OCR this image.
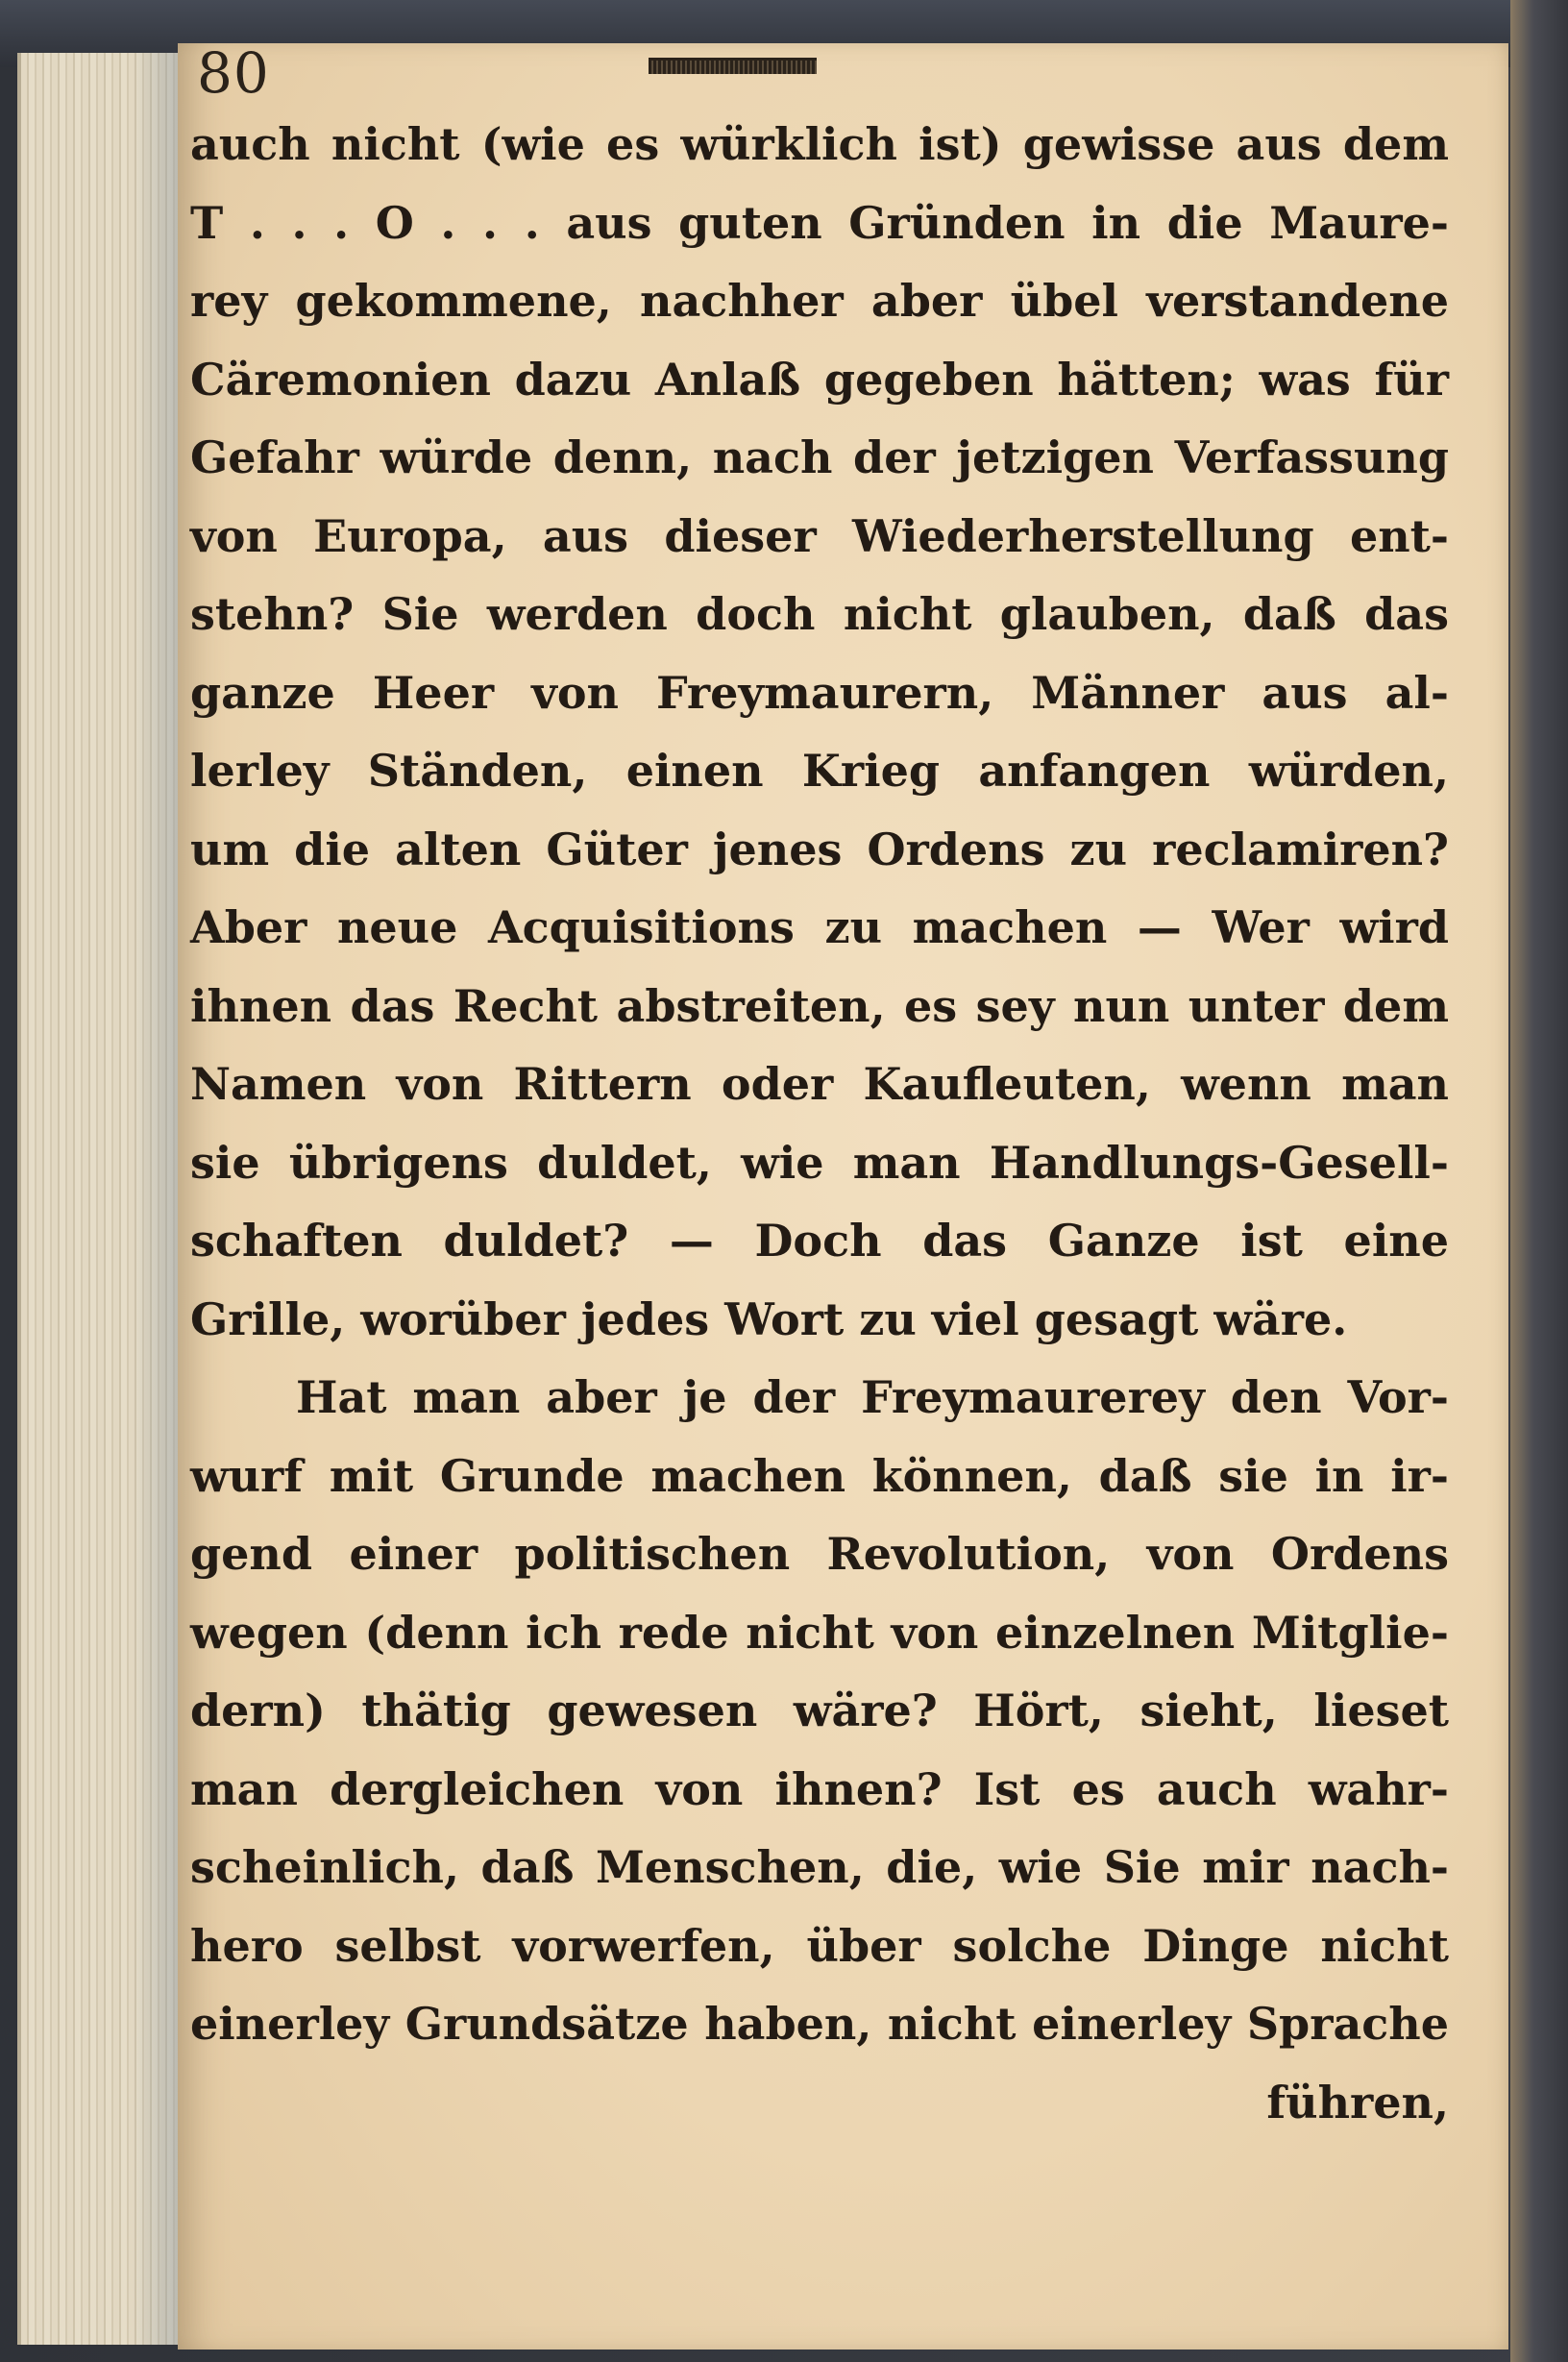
80
auch nicht (wie es würklich ist) gewisse aus dem
T . . . O . . . aus guten Gründen in die Maure-
rey gekommene, nachher aber übel verstandene
Cäremonien dazu Anlaß gegeben hätten; was für
Gefahr würde denn, nach der jetzigen Verfassung
von Europa, aus dieser Wiederherstellung ent-
stehn? Sie werden doch nicht glauben, daß das
ganze Heer von Freymaurern, Männer aus al-
lerley Ständen, einen Krieg anfangen würden,
um die alten Güter jenes Ordens zu reclamiren?
Aber neue Acquisitions zu machen — Wer wird
ihnen das Recht abstreiten, es sey nun unter dem
Namen von Rittern oder Kaufleuten, wenn man
sie übrigens duldet, wie man Handlungs-Gesell-
schaften duldet? — Doch das Ganze ist eine
Grille, worüber jedes Wort zu viel gesagt wäre.
Hat man aber je der Freymaurerey den Vor-
wurf mit Grunde machen können, daß sie in ir-
gend einer politischen Revolution, von Ordens
wegen (denn ich rede nicht von einzelnen Mitglie-
dern) thätig gewesen wäre? Hört, sieht, lieset
man dergleichen von ihnen? Ist es auch wahr-
scheinlich, daß Menschen, die, wie Sie mir nach-
hero selbst vorwerfen, über solche Dinge nicht
einerley Grundsätze haben, nicht einerley Sprache
führen,
